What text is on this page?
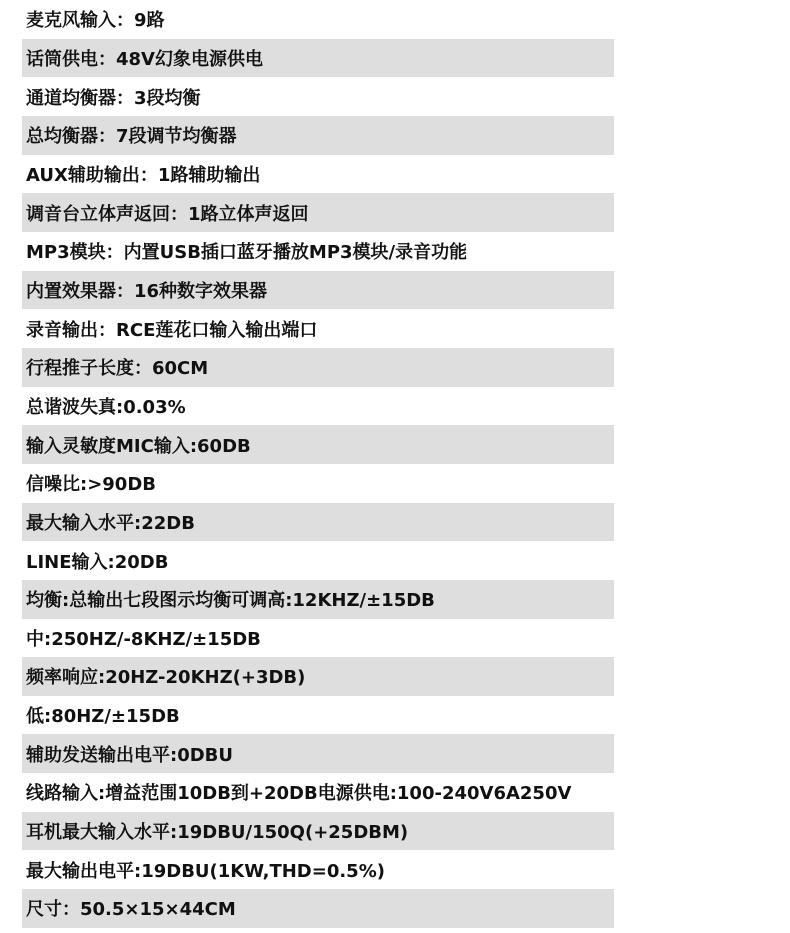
麦克风输入：9路
话筒供电：48V幻象电源供电
通道均衡器：3段均衡
总均衡器：7段调节均衡器
AUX辅助输出：1路辅助输出
调音台立体声返回：1路立体声返回
MP3模块：内置USB插口蓝牙播放MP3模块/录音功能
内置效果器：16种数字效果器
录音输出：RCE莲花口输入输出端口
行程推子长度：60CM
总谐波失真:0.03%
输入灵敏度MIC输入:60DB
信噪比:>90DB
最大输入水平:22DB
LINE输入:20DB
均衡:总输出七段图示均衡可调高:12KHZ/±15DB
中:250HZ/-8KHZ/±15DB
频率响应:20HZ-20KHZ(+3DB)
低:80HZ/±15DB
辅助发送输出电平:0DBU
线路输入:增益范围10DB到+20DB电源供电:100-240V6A250V
耳机最大输入水平:19DBU/150Q(+25DBM)
最大输出电平:19DBU(1KW,THD=0.5%)
尺寸：50.5×15×44CM
